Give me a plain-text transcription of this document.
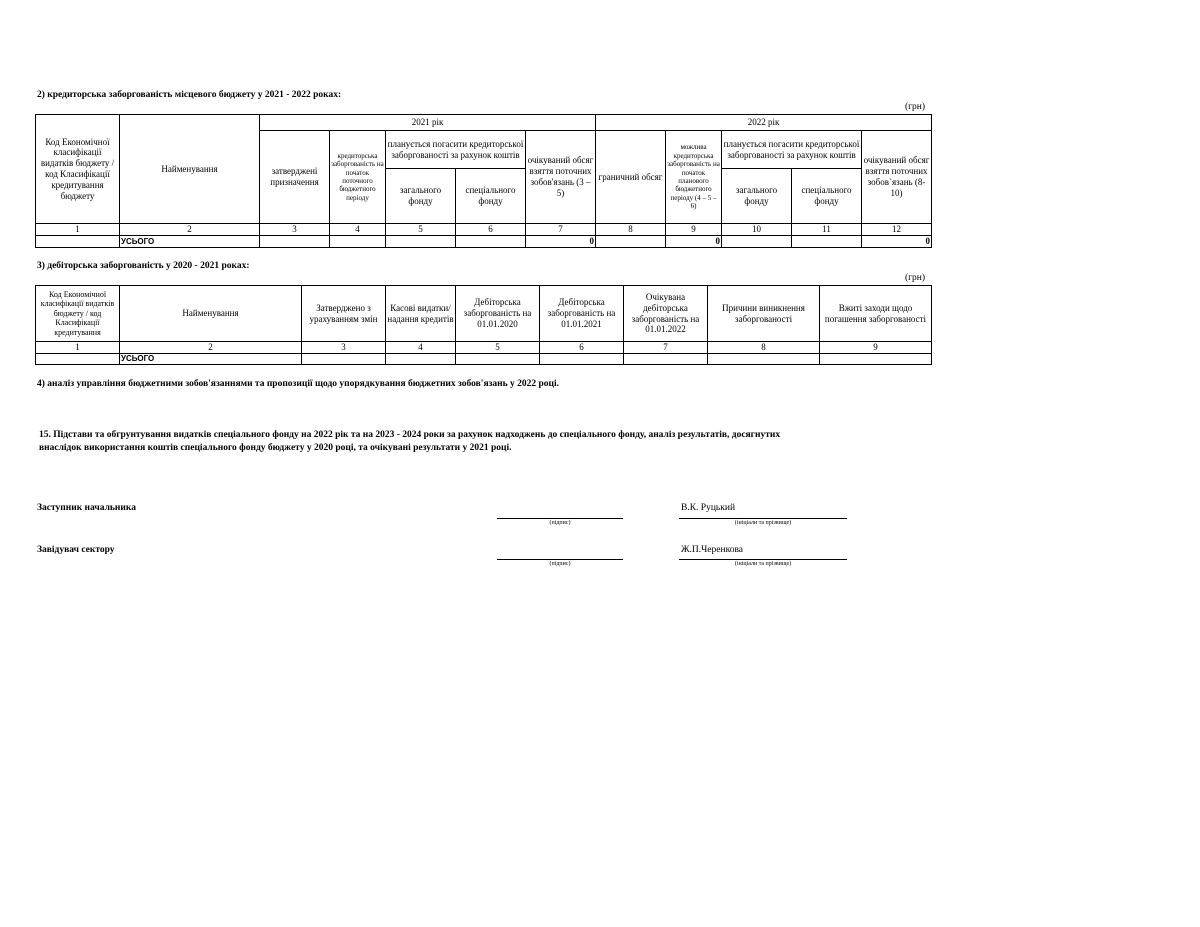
2) кредиторська заборгованість місцевого бюджету у 2021 - 2022 роках:
(грн)
Код Економічної класифікації видатків бюджету / код Класифікації кредитування бюджету	Найменування	2021 рік					2022 рік				
		затверджені призначення	кредиторська заборгованість на початок поточного бюджетного періоду	планується погасити кредиторської заборгованості за рахунок коштів		очікуваний обсяг взяття поточних зобов'язань (3 – 5)	граничний обсяг	можлива кредиторська заборгованість на початок планового бюджетного періоду (4 – 5 – 6)	планується погасити кредиторської заборгованості за рахунок коштів		очікуваний обсяг взяття поточних зобов`язань (8-10)
				загального фонду	спеціального фонду				загального фонду	спеціального фонду	
1	2	3	4	5	6	7	8	9	10	11	12
	УСЬОГО					0		0			0
3) дебіторська заборгованість у 2020 - 2021 роках:
(грн)
Код Економічної класифікації видатків бюджету / код Класифікації кредитування	Найменування	Затверджено з урахуванням змін	Касові видатки/ надання кредитів	Дебіторська заборгованість на 01.01.2020	Дебіторська заборгованість на 01.01.2021	Очікувана дебіторська заборгованість на 01.01.2022	Причини виникнення заборгованості	Вжиті заходи щодо погашення заборгованості
1	2	3	4	5	6	7	8	9
	УСЬОГО							
4) аналіз управління бюджетними зобов'язаннями та пропозиції щодо упорядкування бюджетних зобов'язань у 2022 році.
15. Підстави та обгрунтування видатків спеціального фонду на 2022 рік та на 2023 - 2024 роки за рахунок надходжень до спеціального фонду, аналіз результатів, досягнутих
внаслідок використання коштів спеціального фонду бюджету у 2020 році, та очікувані результати у 2021 році.
Заступник начальника
(підпис)
В.К. Руцький
(ініціали та прізвище)
Завідувач сектору
(підпис)
Ж.П.Черенкова
(ініціали та прізвище)
